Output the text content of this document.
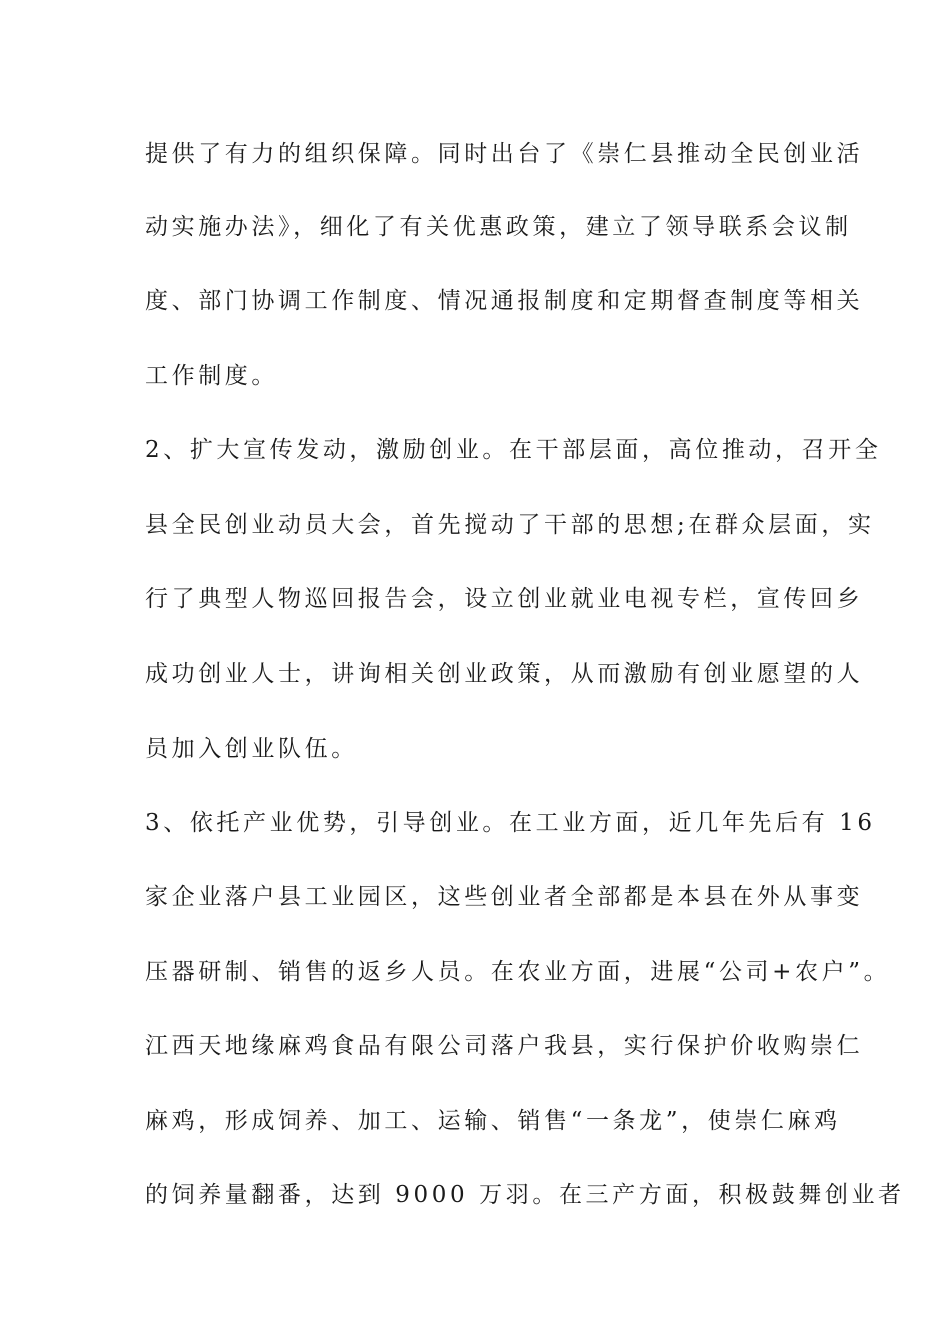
提供了有力的组织保障。同时出台了《崇仁县推动全民创业活
动实施办法》，细化了有关优惠政策，建立了领导联系会议制
度、部门协调工作制度、情况通报制度和定期督查制度等相关
工作制度。
2、扩大宣传发动，激励创业。在干部层面，高位推动，召开全
县全民创业动员大会，首先搅动了干部的思想;在群众层面，实
行了典型人物巡回报告会，设立创业就业电视专栏，宣传回乡
成功创业人士，讲询相关创业政策，从而激励有创业愿望的人
员加入创业队伍。
3、依托产业优势，引导创业。在工业方面，近几年先后有 16
家企业落户县工业园区，这些创业者全部都是本县在外从事变
压器研制、销售的返乡人员。在农业方面，进展“公司+农户”。
江西天地缘麻鸡食品有限公司落户我县，实行保护价收购崇仁
麻鸡，形成饲养、加工、运输、销售“一条龙”，使崇仁麻鸡
的饲养量翻番，达到 9000 万羽。在三产方面，积极鼓舞创业者
